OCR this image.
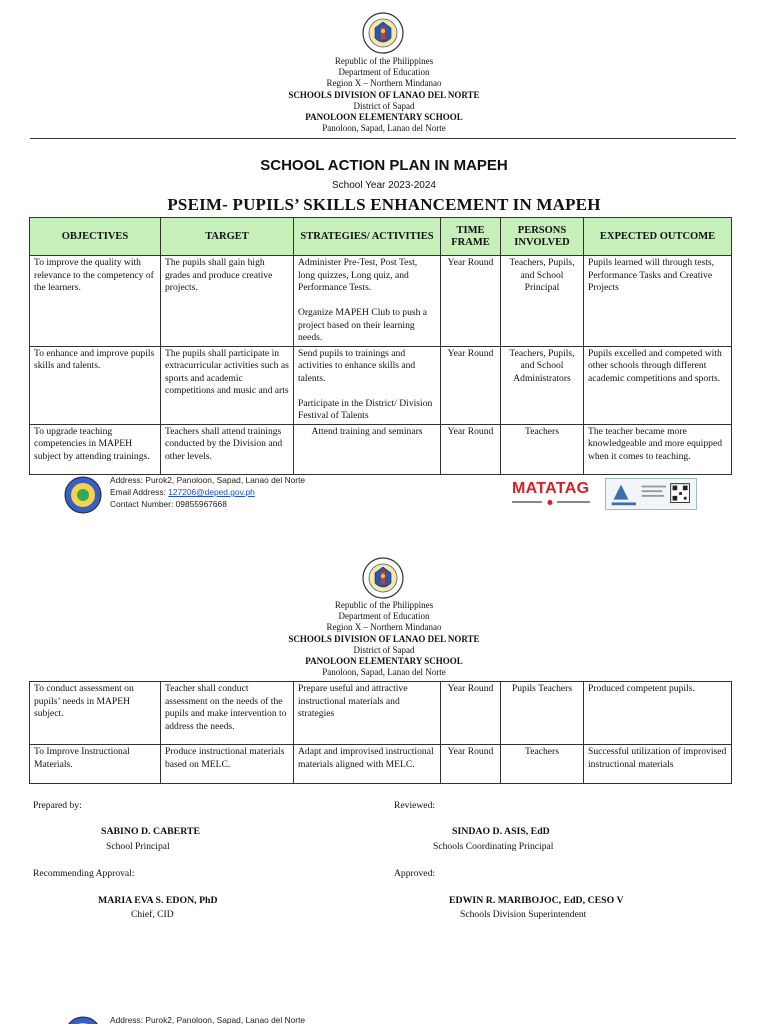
Republic of the Philippines
Department of Education
Region X – Northern Mindanao
SCHOOLS DIVISION OF LANAO DEL NORTE
District of Sapad
PANOLOON ELEMENTARY SCHOOL
Panoloon, Sapad, Lanao del Norte
SCHOOL ACTION PLAN IN MAPEH
School Year 2023-2024
PSEIM- PUPILS’ SKILLS ENHANCEMENT IN MAPEH
OBJECTIVES	TARGET	STRATEGIES/ ACTIVITIES	TIME FRAME	PERSONS INVOLVED	EXPECTED OUTCOME
To improve the quality with relevance to the competency of the learners.	The pupils shall gain high grades and produce creative projects.	Administer Pre-Test, Post Test, long quizzes, Long quiz, and Performance Tests.

Organize MAPEH Club to push a project based on their learning needs.	Year Round	Teachers, Pupils, and School Principal	Pupils learned will through tests, Performance Tasks and Creative Projects
To enhance and improve pupils skills and talents.	The pupils shall participate in extracurricular activities such as sports and academic competitions and music and arts	Send pupils to trainings and activities to enhance skills and talents.

Participate in the District/ Division Festival of Talents	Year Round	Teachers, Pupils, and School Administrators	Pupils excelled and competed with other schools through different academic competitions and sports.
To upgrade teaching competencies in MAPEH subject by attending trainings.	Teachers shall attend trainings conducted by the Division and other levels.	Attend training and seminars	Year Round	Teachers	The teacher became more knowledgeable and more equipped when it comes to teaching.
Address: Purok2, Panoloon, Sapad, Lanao del Norte
Email Address: 127206@deped.gov.ph
Contact Number: 09855967668
MATATAG
Republic of the Philippines
Department of Education
Region X – Northern Mindanao
SCHOOLS DIVISION OF LANAO DEL NORTE
District of Sapad
PANOLOON ELEMENTARY SCHOOL
Panoloon, Sapad, Lanao del Norte
To conduct assessment on pupils’ needs in MAPEH subject.	Teacher shall conduct assessment on the needs of the pupils and make intervention to address the needs.	Prepare useful and attractive instructional materials and strategies	Year Round	Pupils Teachers	Produced competent pupils.
To Improve Instructional Materials.	Produce instructional materials based on MELC.	Adapt and improvised instructional materials aligned with MELC.	Year Round	Teachers	Successful utilization of improvised instructional materials
Prepared by:
SABINO D. CABERTE
School Principal
Reviewed:
SINDAO D. ASIS, EdD
Schools Coordinating Principal
Recommending Approval:
MARIA EVA S. EDON, PhD
Chief, CID
Approved:
EDWIN R. MARIBOJOC, EdD, CESO V
Schools Division Superintendent
Address: Purok2, Panoloon, Sapad, Lanao del Norte
